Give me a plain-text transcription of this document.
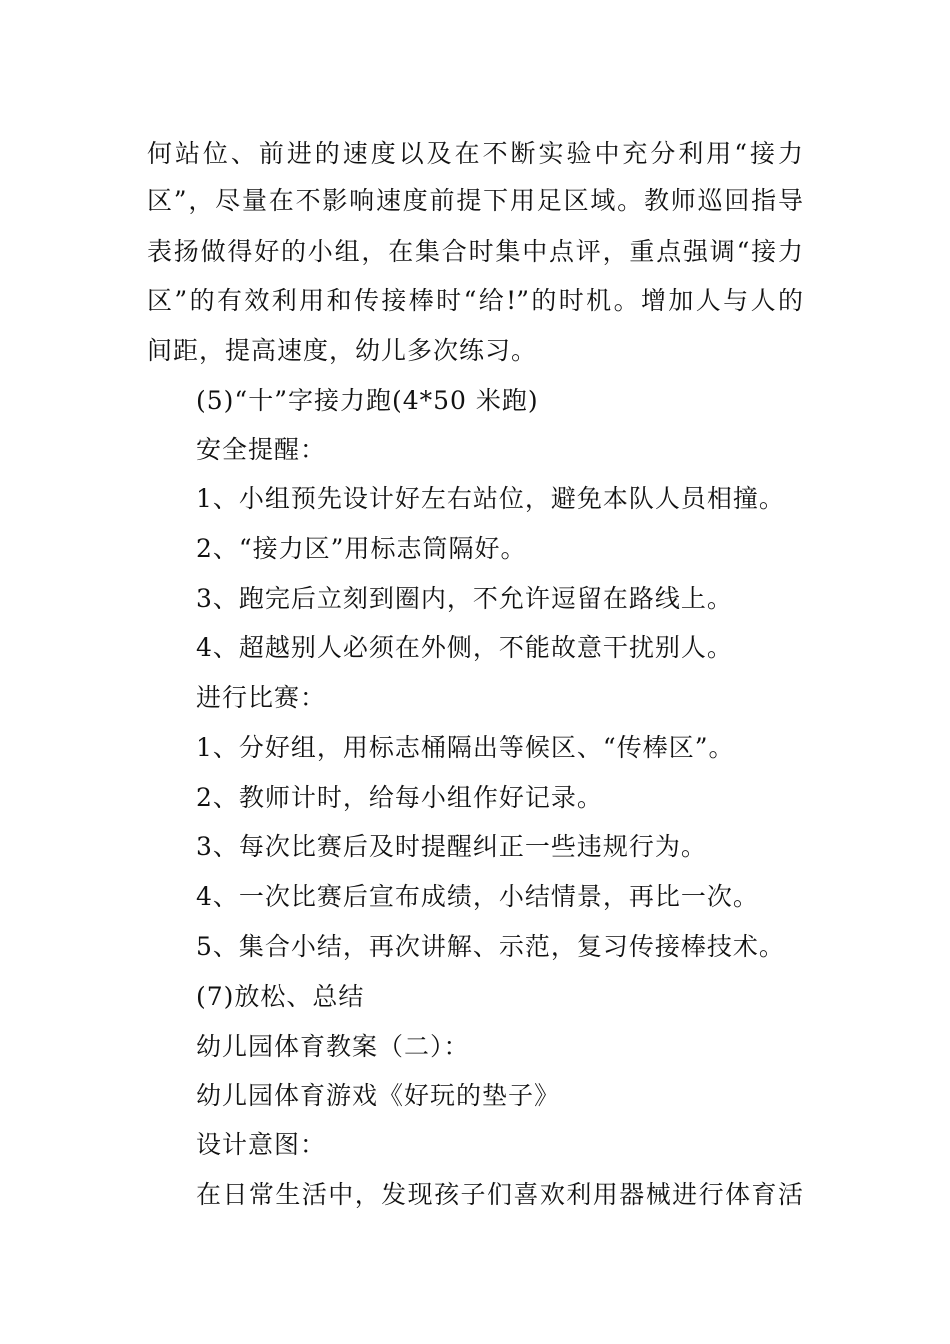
何站位、前进的速度以及在不断实验中充分利用“接力
区”，尽量在不影响速度前提下用足区域。教师巡回指导
表扬做得好的小组，在集合时集中点评，重点强调“接力
区”的有效利用和传接棒时“给!”的时机。增加人与人的
间距，提高速度，幼儿多次练习。
(5)“十”字接力跑(4*50 米跑)
安全提醒：
1、小组预先设计好左右站位，避免本队人员相撞。
2、“接力区”用标志筒隔好。
3、跑完后立刻到圈内，不允许逗留在路线上。
4、超越别人必须在外侧，不能故意干扰别人。
进行比赛：
1、分好组，用标志桶隔出等候区、“传棒区”。
2、教师计时，给每小组作好记录。
3、每次比赛后及时提醒纠正一些违规行为。
4、一次比赛后宣布成绩，小结情景，再比一次。
5、集合小结，再次讲解、示范，复习传接棒技术。
(7)放松、总结
幼儿园体育教案（二）：
幼儿园体育游戏《好玩的垫子》
设计意图：
在日常生活中，发现孩子们喜欢利用器械进行体育活
